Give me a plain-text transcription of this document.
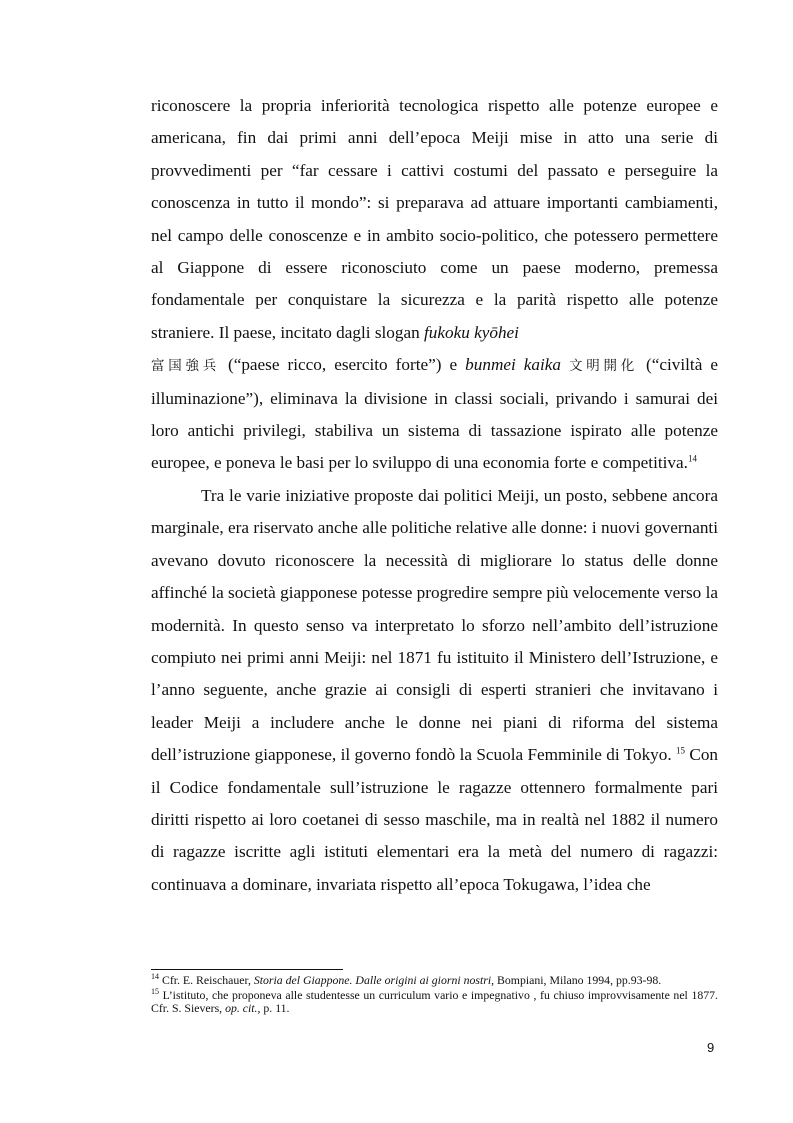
riconoscere la propria inferiorità tecnologica rispetto alle potenze europee e americana, fin dai primi anni dell’epoca Meiji mise in atto una serie di provvedimenti per “far cessare i cattivi costumi del passato e perseguire la conoscenza in tutto il mondo”: si preparava ad attuare importanti cambiamenti, nel campo delle conoscenze e in ambito socio-politico, che potessero permettere al Giappone di essere riconosciuto come un paese moderno, premessa fondamentale per conquistare la sicurezza e la parità rispetto alle potenze straniere. Il paese, incitato dagli slogan fukoku kyōhei
富国強兵 (“paese ricco, esercito forte”) e bunmei kaika 文明開化 (“civiltà e illuminazione”), eliminava la divisione in classi sociali, privando i samurai dei loro antichi privilegi, stabiliva un sistema di tassazione ispirato alle potenze europee, e poneva le basi per lo sviluppo di una economia forte e competitiva.$^{14}$

Tra le varie iniziative proposte dai politici Meiji, un posto, sebbene ancora marginale, era riservato anche alle politiche relative alle donne: i nuovi governanti avevano dovuto riconoscere la necessità di migliorare lo status delle donne affinché la società giapponese potesse progredire sempre più velocemente verso la modernità. In questo senso va interpretato lo sforzo nell’ambito dell’istruzione compiuto nei primi anni Meiji: nel 1871 fu istituito il Ministero dell’Istruzione, e l’anno seguente, anche grazie ai consigli di esperti stranieri che invitavano i leader Meiji a includere anche le donne nei piani di riforma del sistema dell’istruzione giapponese, il governo fondò la Scuola Femminile di Tokyo. $^{15}$ Con il Codice fondamentale sull’istruzione le ragazze ottennero formalmente pari diritti rispetto ai loro coetanei di sesso maschile, ma in realtà nel 1882 il numero di ragazze iscritte agli istituti elementari era la metà del numero di ragazzi: continuava a dominare, invariata rispetto all’epoca Tokugawa, l’idea che

$^{14}$ Cfr. E. Reischauer, Storia del Giappone. Dalle origini ai giorni nostri, Bompiani, Milano 1994, pp.93-98.

$^{15}$ L’istituto, che proponeva alle studentesse un curriculum vario e impegnativo , fu chiuso improvvisamente nel 1877. Cfr. S. Sievers, op. cit., p. 11.

9
